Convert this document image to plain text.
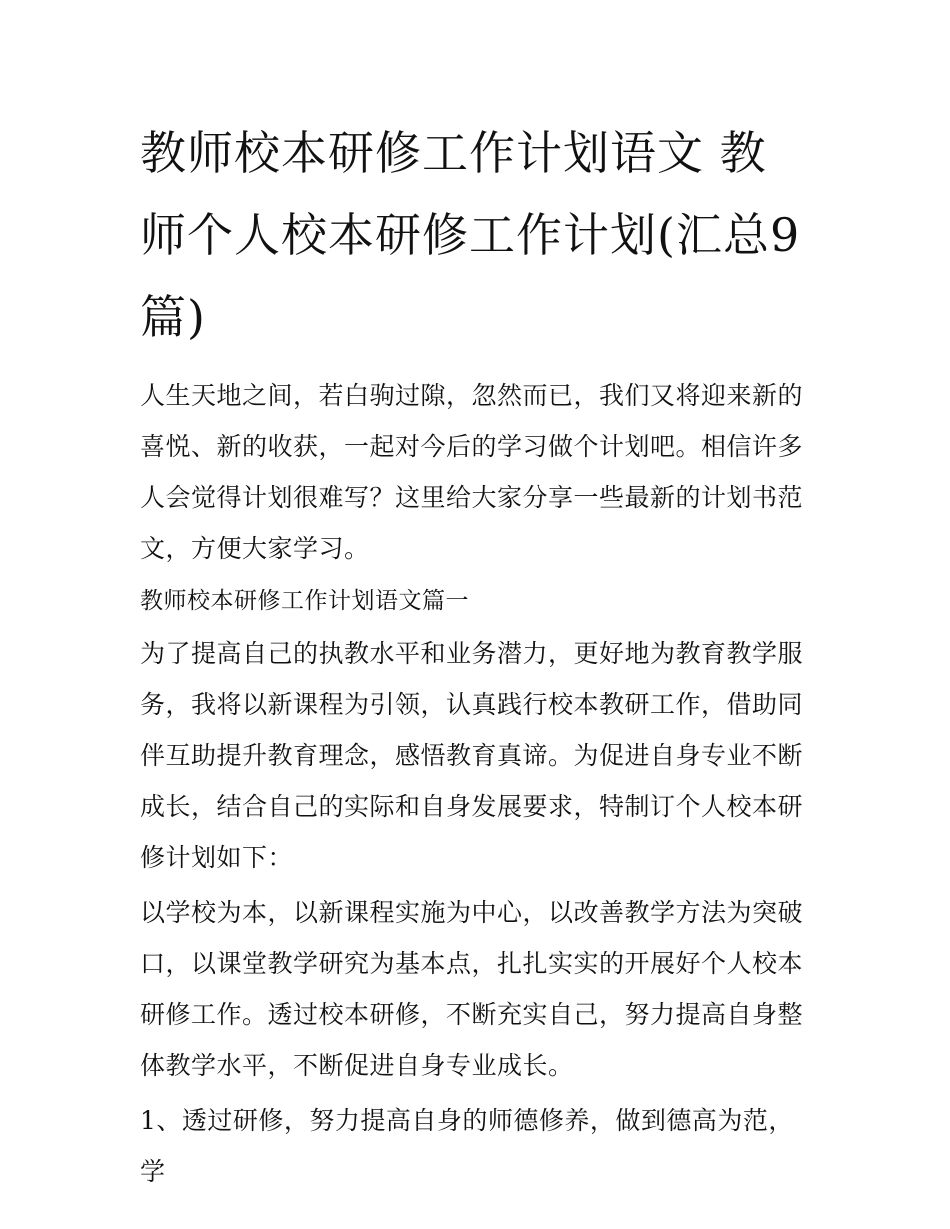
教师校本研修工作计划语文 教师个人校本研修工作计划(汇总9篇)

人生天地之间，若白驹过隙，忽然而已，我们又将迎来新的喜悦、新的收获，一起对今后的学习做个计划吧。相信许多人会觉得计划很难写？这里给大家分享一些最新的计划书范文，方便大家学习。

教师校本研修工作计划语文篇一

为了提高自己的执教水平和业务潜力，更好地为教育教学服务，我将以新课程为引领，认真践行校本教研工作，借助同伴互助提升教育理念，感悟教育真谛。为促进自身专业不断成长，结合自己的实际和自身发展要求，特制订个人校本研修计划如下：

以学校为本，以新课程实施为中心，以改善教学方法为突破口，以课堂教学研究为基本点，扎扎实实的开展好个人校本研修工作。透过校本研修，不断充实自己，努力提高自身整体教学水平，不断促进自身专业成长。

1、透过研修，努力提高自身的师德修养，做到德高为范，学
